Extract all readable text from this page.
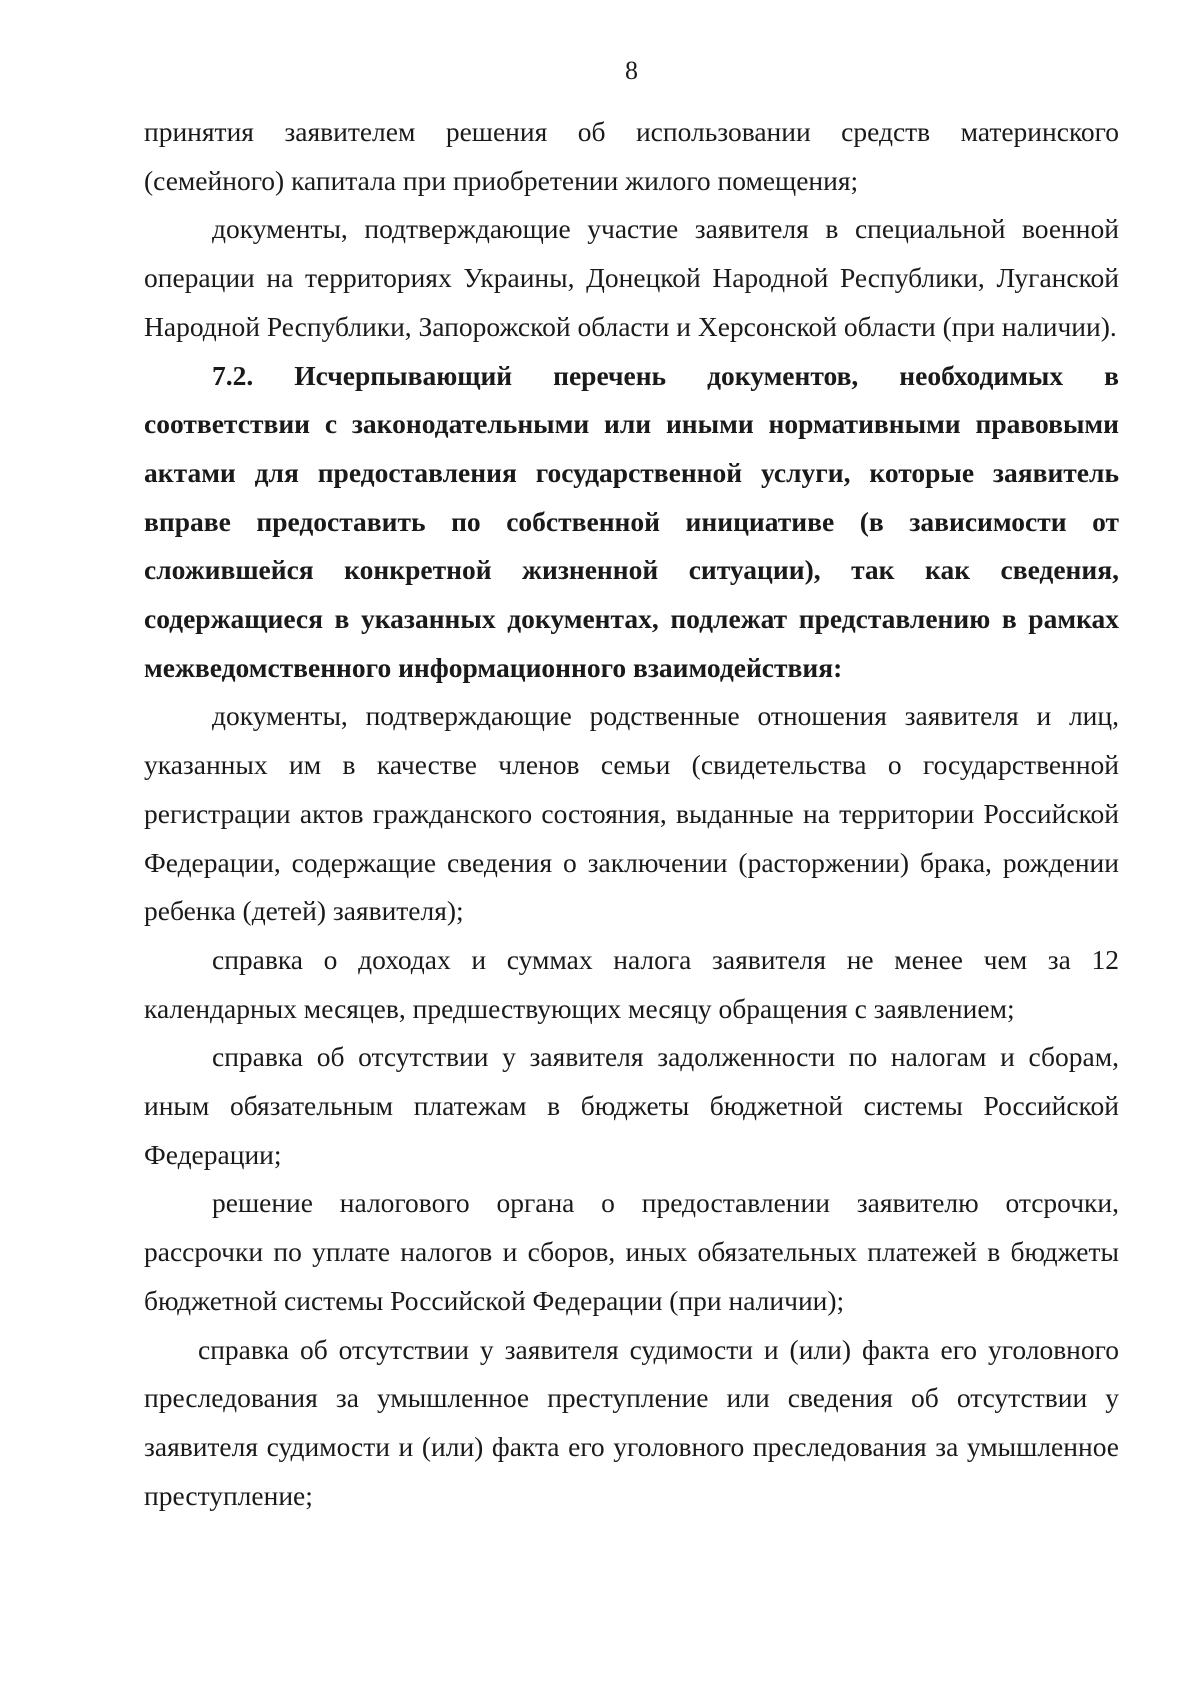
8

принятия заявителем решения об использовании средств материнского (семейного) капитала при приобретении жилого помещения;

документы, подтверждающие участие заявителя в специальной военной операции на территориях Украины, Донецкой Народной Республики, Луганской Народной Республики, Запорожской области и Херсонской области (при наличии).

7.2. Исчерпывающий перечень документов, необходимых в соответствии с законодательными или иными нормативными правовыми актами для предоставления государственной услуги, которые заявитель вправе предоставить по собственной инициативе (в зависимости от сложившейся конкретной жизненной ситуации), так как сведения, содержащиеся в указанных документах, подлежат представлению в рамках межведомственного информационного взаимодействия:

документы, подтверждающие родственные отношения заявителя и лиц, указанных им в качестве членов семьи (свидетельства о государственной регистрации актов гражданского состояния, выданные на территории Российской Федерации, содержащие сведения о заключении (расторжении) брака, рождении ребенка (детей) заявителя);

справка о доходах и суммах налога заявителя не менее чем за 12 календарных месяцев, предшествующих месяцу обращения с заявлением;

справка об отсутствии у заявителя задолженности по налогам и сборам, иным обязательным платежам в бюджеты бюджетной системы Российской Федерации;

решение налогового органа о предоставлении заявителю отсрочки, рассрочки по уплате налогов и сборов, иных обязательных платежей в бюджеты бюджетной системы Российской Федерации (при наличии);

справка об отсутствии у заявителя судимости и (или) факта его уголовного преследования за умышленное преступление или сведения об отсутствии у заявителя судимости и (или) факта его уголовного преследования за умышленное преступление;
